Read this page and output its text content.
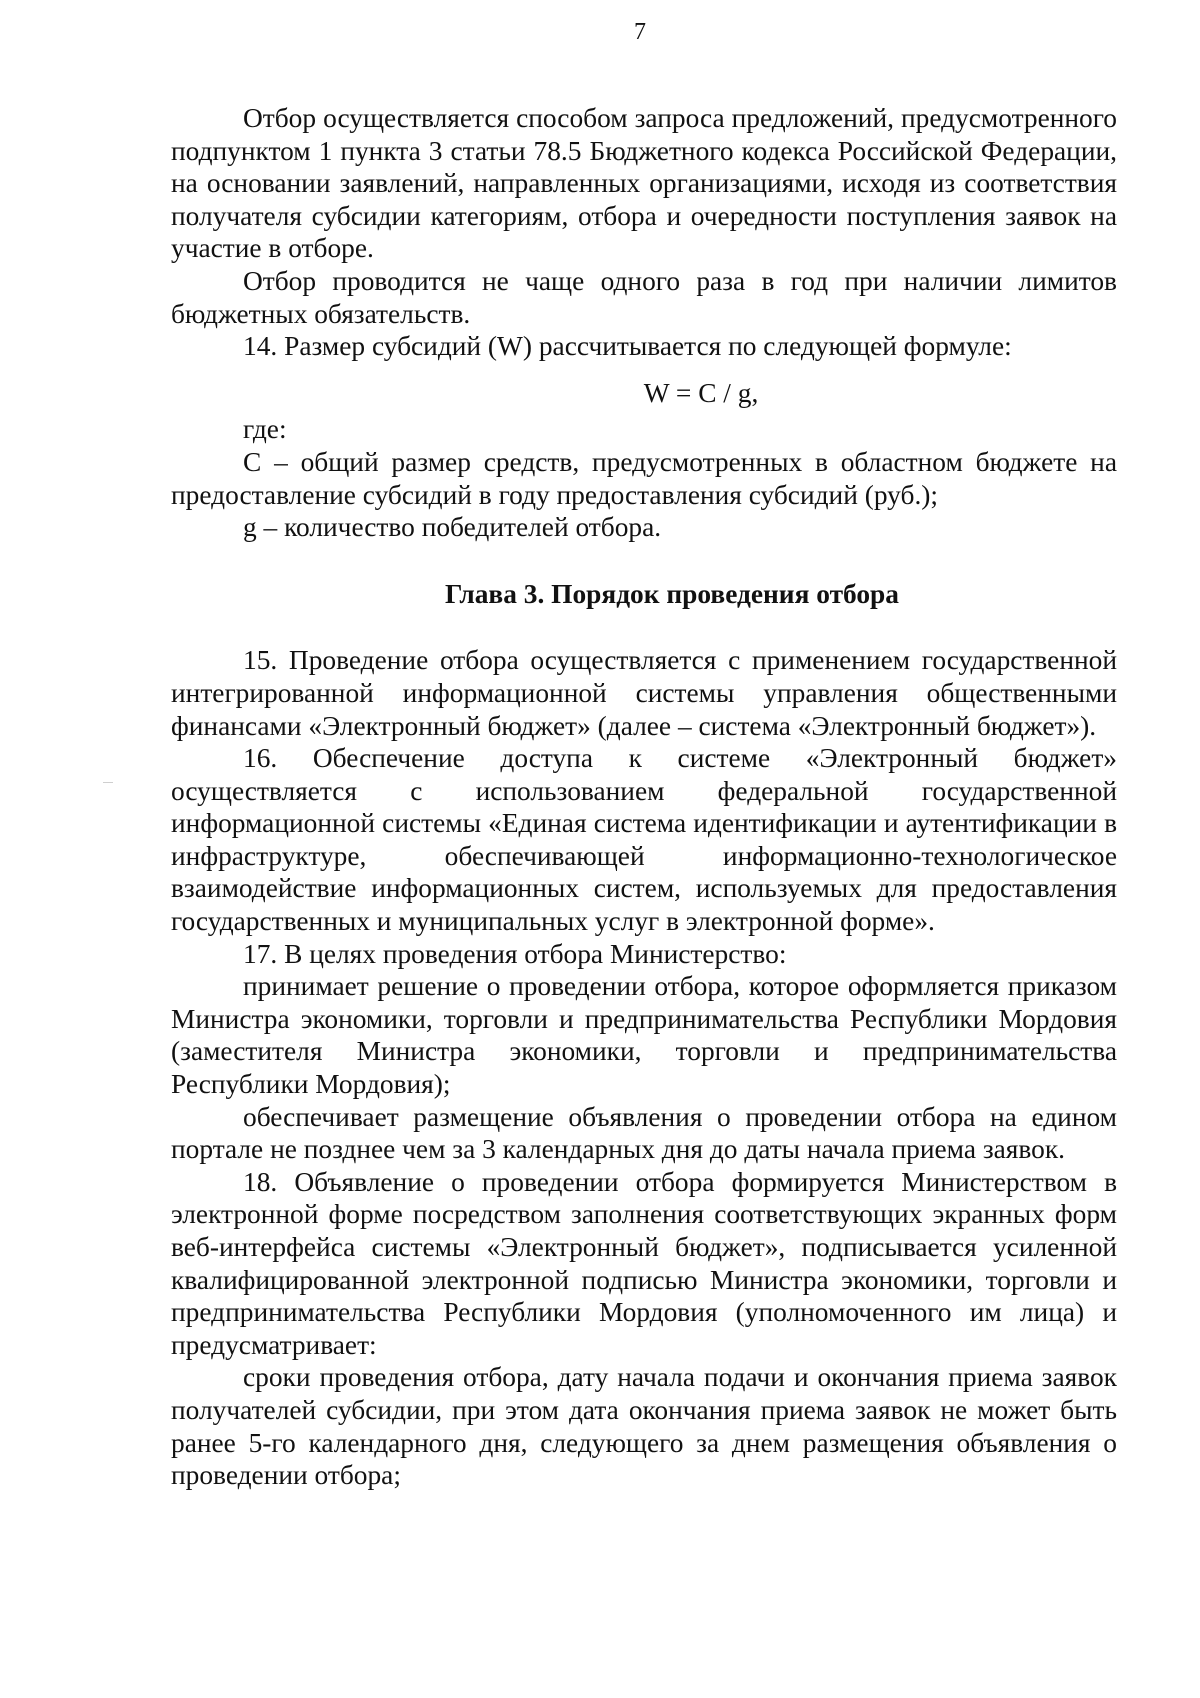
7

Отбор осуществляется способом запроса предложений, предусмотренного подпунктом 1 пункта 3 статьи 78.5 Бюджетного кодекса Российской Федерации, на основании заявлений, направленных организациями, исходя из соответствия получателя субсидии категориям, отбора и очередности поступления заявок на участие в отборе.

Отбор проводится не чаще одного раза в год при наличии лимитов бюджетных обязательств.

14. Размер субсидий (W) рассчитывается по следующей формуле:

W = C / g,

где:

С – общий размер средств, предусмотренных в областном бюджете на предоставление субсидий в году предоставления субсидий (руб.);

g – количество победителей отбора.

Глава 3. Порядок проведения отбора

15. Проведение отбора осуществляется с применением государственной интегрированной информационной системы управления общественными финансами «Электронный бюджет» (далее – система «Электронный бюджет»).

16. Обеспечение доступа к системе «Электронный бюджет» осуществляется с использованием федеральной государственной информационной системы «Единая система идентификации и аутентификации в инфраструктуре, обеспечивающей информационно-технологическое взаимодействие информационных систем, используемых для предоставления государственных и муниципальных услуг в электронной форме».

17. В целях проведения отбора Министерство:

принимает решение о проведении отбора, которое оформляется приказом Министра экономики, торговли и предпринимательства Республики Мордовия (заместителя Министра экономики, торговли и предпринимательства Республики Мордовия);

обеспечивает размещение объявления о проведении отбора на едином портале не позднее чем за 3 календарных дня до даты начала приема заявок.

18. Объявление о проведении отбора формируется Министерством в электронной форме посредством заполнения соответствующих экранных форм веб-интерфейса системы «Электронный бюджет», подписывается усиленной квалифицированной электронной подписью Министра экономики, торговли и предпринимательства Республики Мордовия (уполномоченного им лица) и предусматривает:

сроки проведения отбора, дату начала подачи и окончания приема заявок получателей субсидии, при этом дата окончания приема заявок не может быть ранее 5-го календарного дня, следующего за днем размещения объявления о проведении отбора;
